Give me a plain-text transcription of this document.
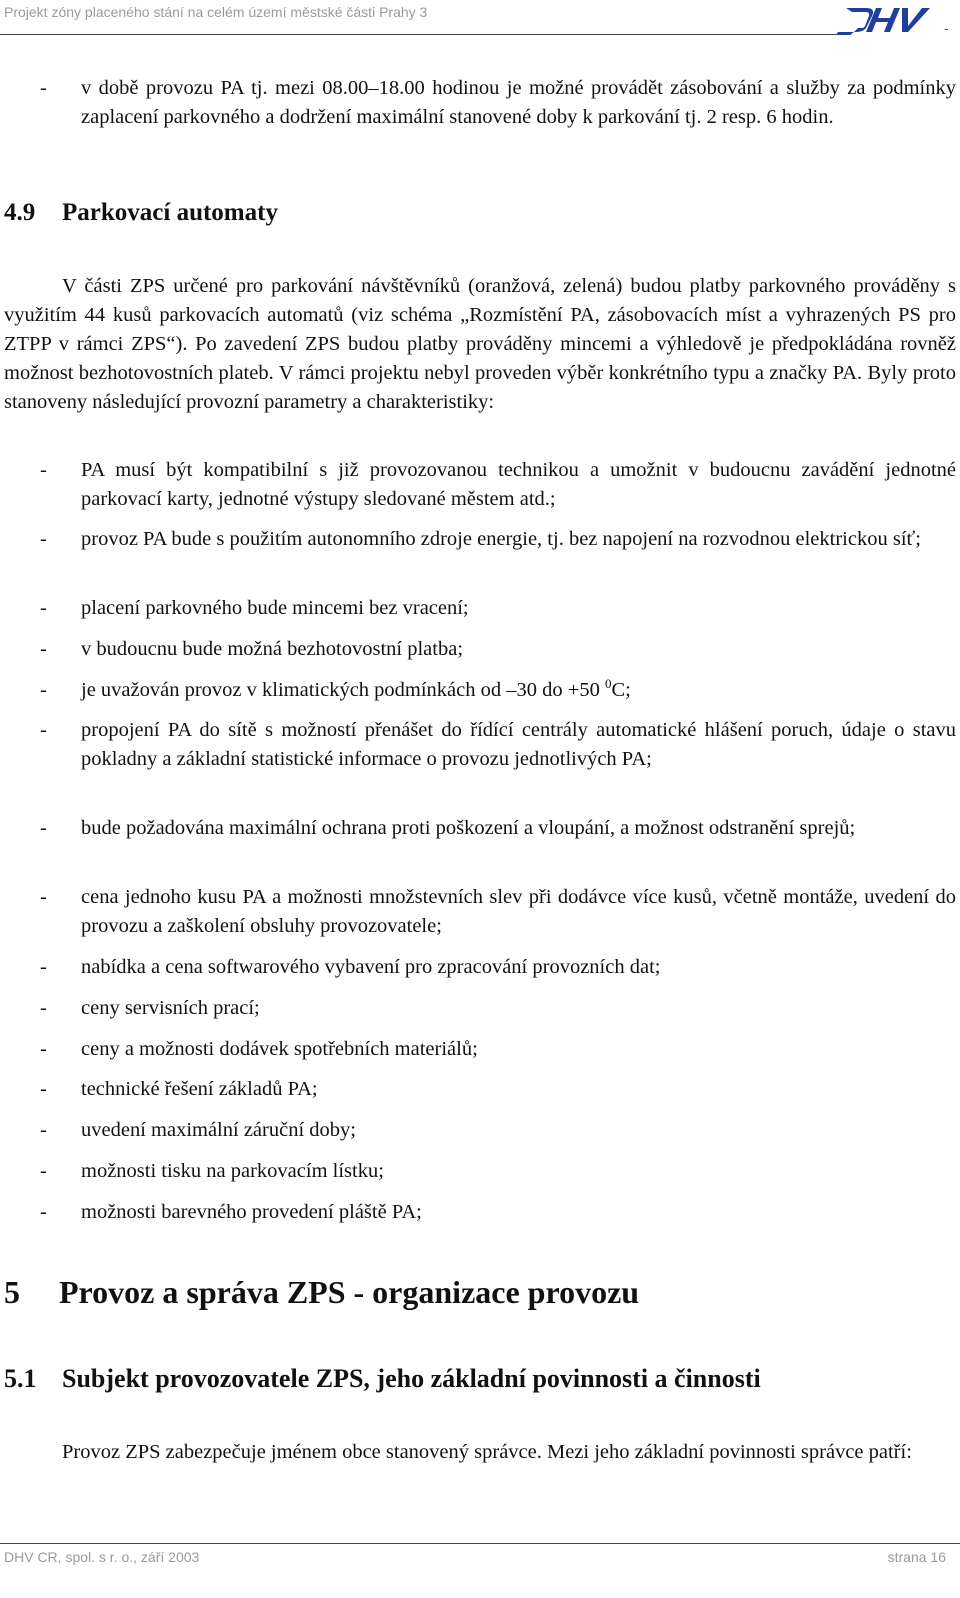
Projekt zóny placeného stání na celém území městské části Prahy 3
-
- v době provozu PA tj. mezi 08.00–18.00 hodinou je možné provádět zásobování a služby za podmínky zaplacení parkovného a dodržení maximální stanovené doby k parkování tj. 2 resp. 6 hodin.
4.9 Parkovací automaty
V části ZPS určené pro parkování návštěvníků (oranžová, zelená) budou platby parkovného prováděny s využitím 44 kusů parkovacích automatů (viz schéma „Rozmístění PA, zásobovacích míst a vyhrazených PS pro ZTPP v rámci ZPS“). Po zavedení ZPS budou platby prováděny mincemi a výhledově je předpokládána rovněž možnost bezhotovostních plateb. V rámci projektu nebyl proveden výběr konkrétního typu a značky PA. Byly proto stanoveny následující provozní parametry a charakteristiky:
- PA musí být kompatibilní s již provozovanou technikou a umožnit v budoucnu zavádění jednotné parkovací karty, jednotné výstupy sledované městem atd.;
- provoz PA bude s použitím autonomního zdroje energie, tj. bez napojení na rozvodnou elektrickou síť;
- placení parkovného bude mincemi bez vracení;
- v budoucnu bude možná bezhotovostní platba;
- je uvažován provoz v klimatických podmínkách od –30 do +50 $^0$C;
- propojení PA do sítě s možností přenášet do řídící centrály automatické hlášení poruch, údaje o stavu pokladny a základní statistické informace o provozu jednotlivých PA;
- bude požadována maximální ochrana proti poškození a vloupání, a možnost odstranění sprejů;
- cena jednoho kusu PA a možnosti množstevních slev při dodávce více kusů, včetně montáže, uvedení do provozu a zaškolení obsluhy provozovatele;
- nabídka a cena softwarového vybavení pro zpracování provozních dat;
- ceny servisních prací;
- ceny a možnosti dodávek spotřebních materiálů;
- technické řešení základů PA;
- uvedení maximální záruční doby;
- možnosti tisku na parkovacím lístku;
- možnosti barevného provedení pláště PA;
5 Provoz a správa ZPS - organizace provozu
5.1 Subjekt provozovatele ZPS, jeho základní povinnosti a činnosti
Provoz ZPS zabezpečuje jménem obce stanovený správce. Mezi jeho základní povinnosti správce patří:
DHV CR, spol. s r. o., září 2003	strana 16
